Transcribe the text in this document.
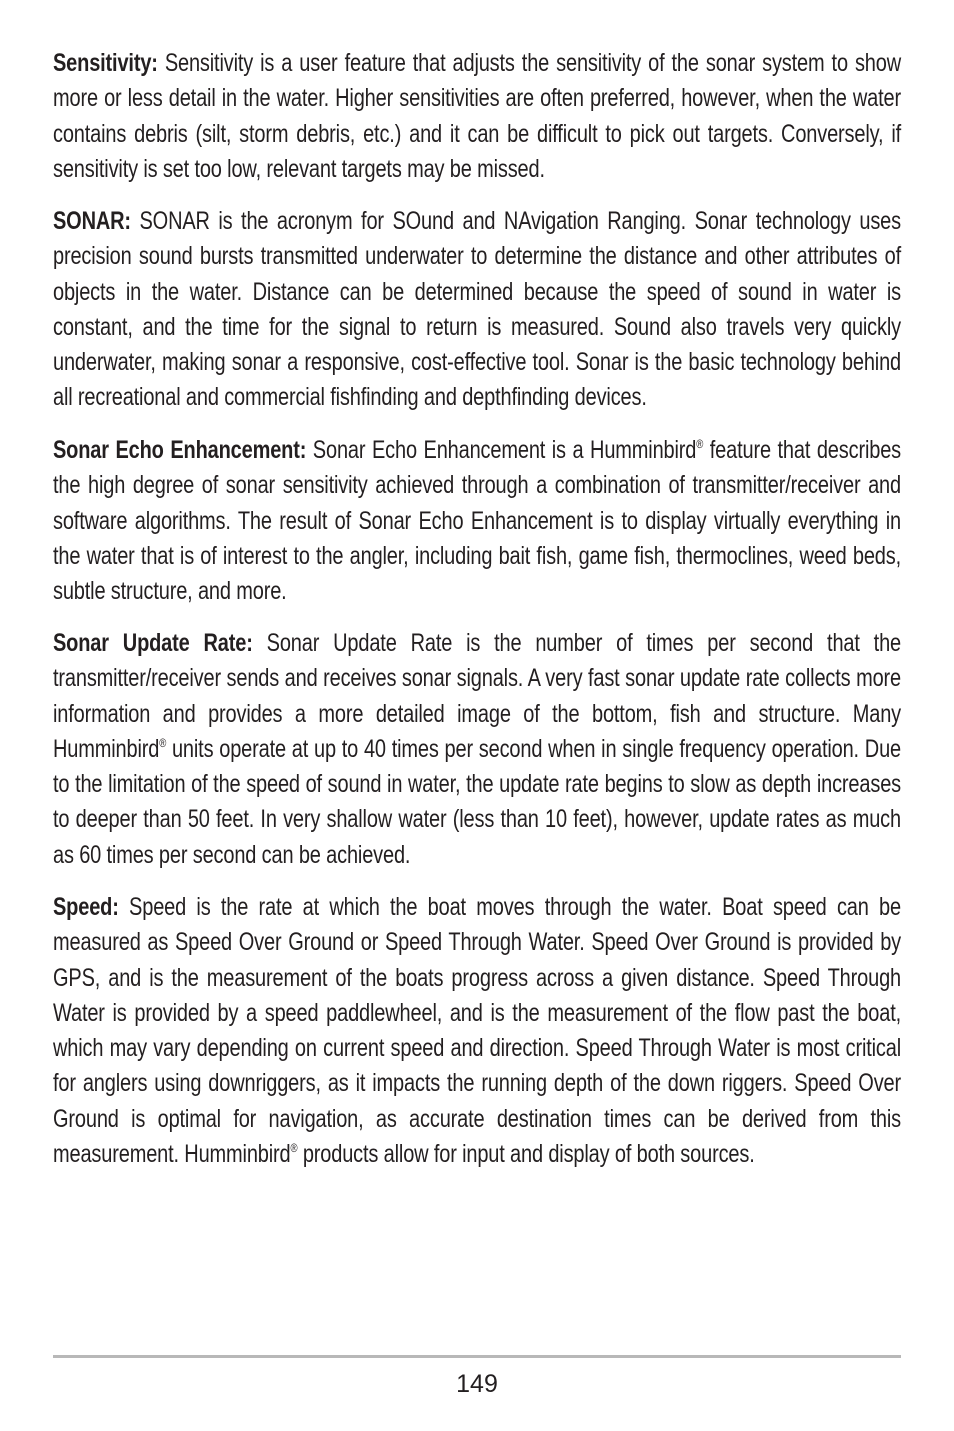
Sensitivity: Sensitivity is a user feature that adjusts the sensitivity of the sonar system to show more or less detail in the water. Higher sensitivities are often preferred, however, when the water contains debris (silt, storm debris, etc.) and it can be difficult to pick out targets. Conversely, if sensitivity is set too low, relevant targets may be missed.

SONAR: SONAR is the acronym for SOund and NAvigation Ranging. Sonar technology uses precision sound bursts transmitted underwater to determine the distance and other attributes of objects in the water. Distance can be determined because the speed of sound in water is constant, and the time for the signal to return is measured. Sound also travels very quickly underwater, making sonar a responsive, cost-effective tool. Sonar is the basic technology behind all recreational and commercial fishfinding and depthfinding devices.

Sonar Echo Enhancement: Sonar Echo Enhancement is a Humminbird® feature that describes the high degree of sonar sensitivity achieved through a combination of transmitter/receiver and software algorithms. The result of Sonar Echo Enhancement is to display virtually everything in the water that is of interest to the angler, including bait fish, game fish, thermoclines, weed beds, subtle structure, and more.

Sonar Update Rate: Sonar Update Rate is the number of times per second that the transmitter/receiver sends and receives sonar signals. A very fast sonar update rate collects more information and provides a more detailed image of the bottom, fish and structure. Many Humminbird® units operate at up to 40 times per second when in single frequency operation. Due to the limitation of the speed of sound in water, the update rate begins to slow as depth increases to deeper than 50 feet. In very shallow water (less than 10 feet), however, update rates as much as 60 times per second can be achieved.

Speed: Speed is the rate at which the boat moves through the water. Boat speed can be measured as Speed Over Ground or Speed Through Water. Speed Over Ground is provided by GPS, and is the measurement of the boats progress across a given distance. Speed Through Water is provided by a speed paddlewheel, and is the measurement of the flow past the boat, which may vary depending on current speed and direction. Speed Through Water is most critical for anglers using downriggers, as it impacts the running depth of the down riggers. Speed Over Ground is optimal for navigation, as accurate destination times can be derived from this measurement. Humminbird® products allow for input and display of both sources.

149
